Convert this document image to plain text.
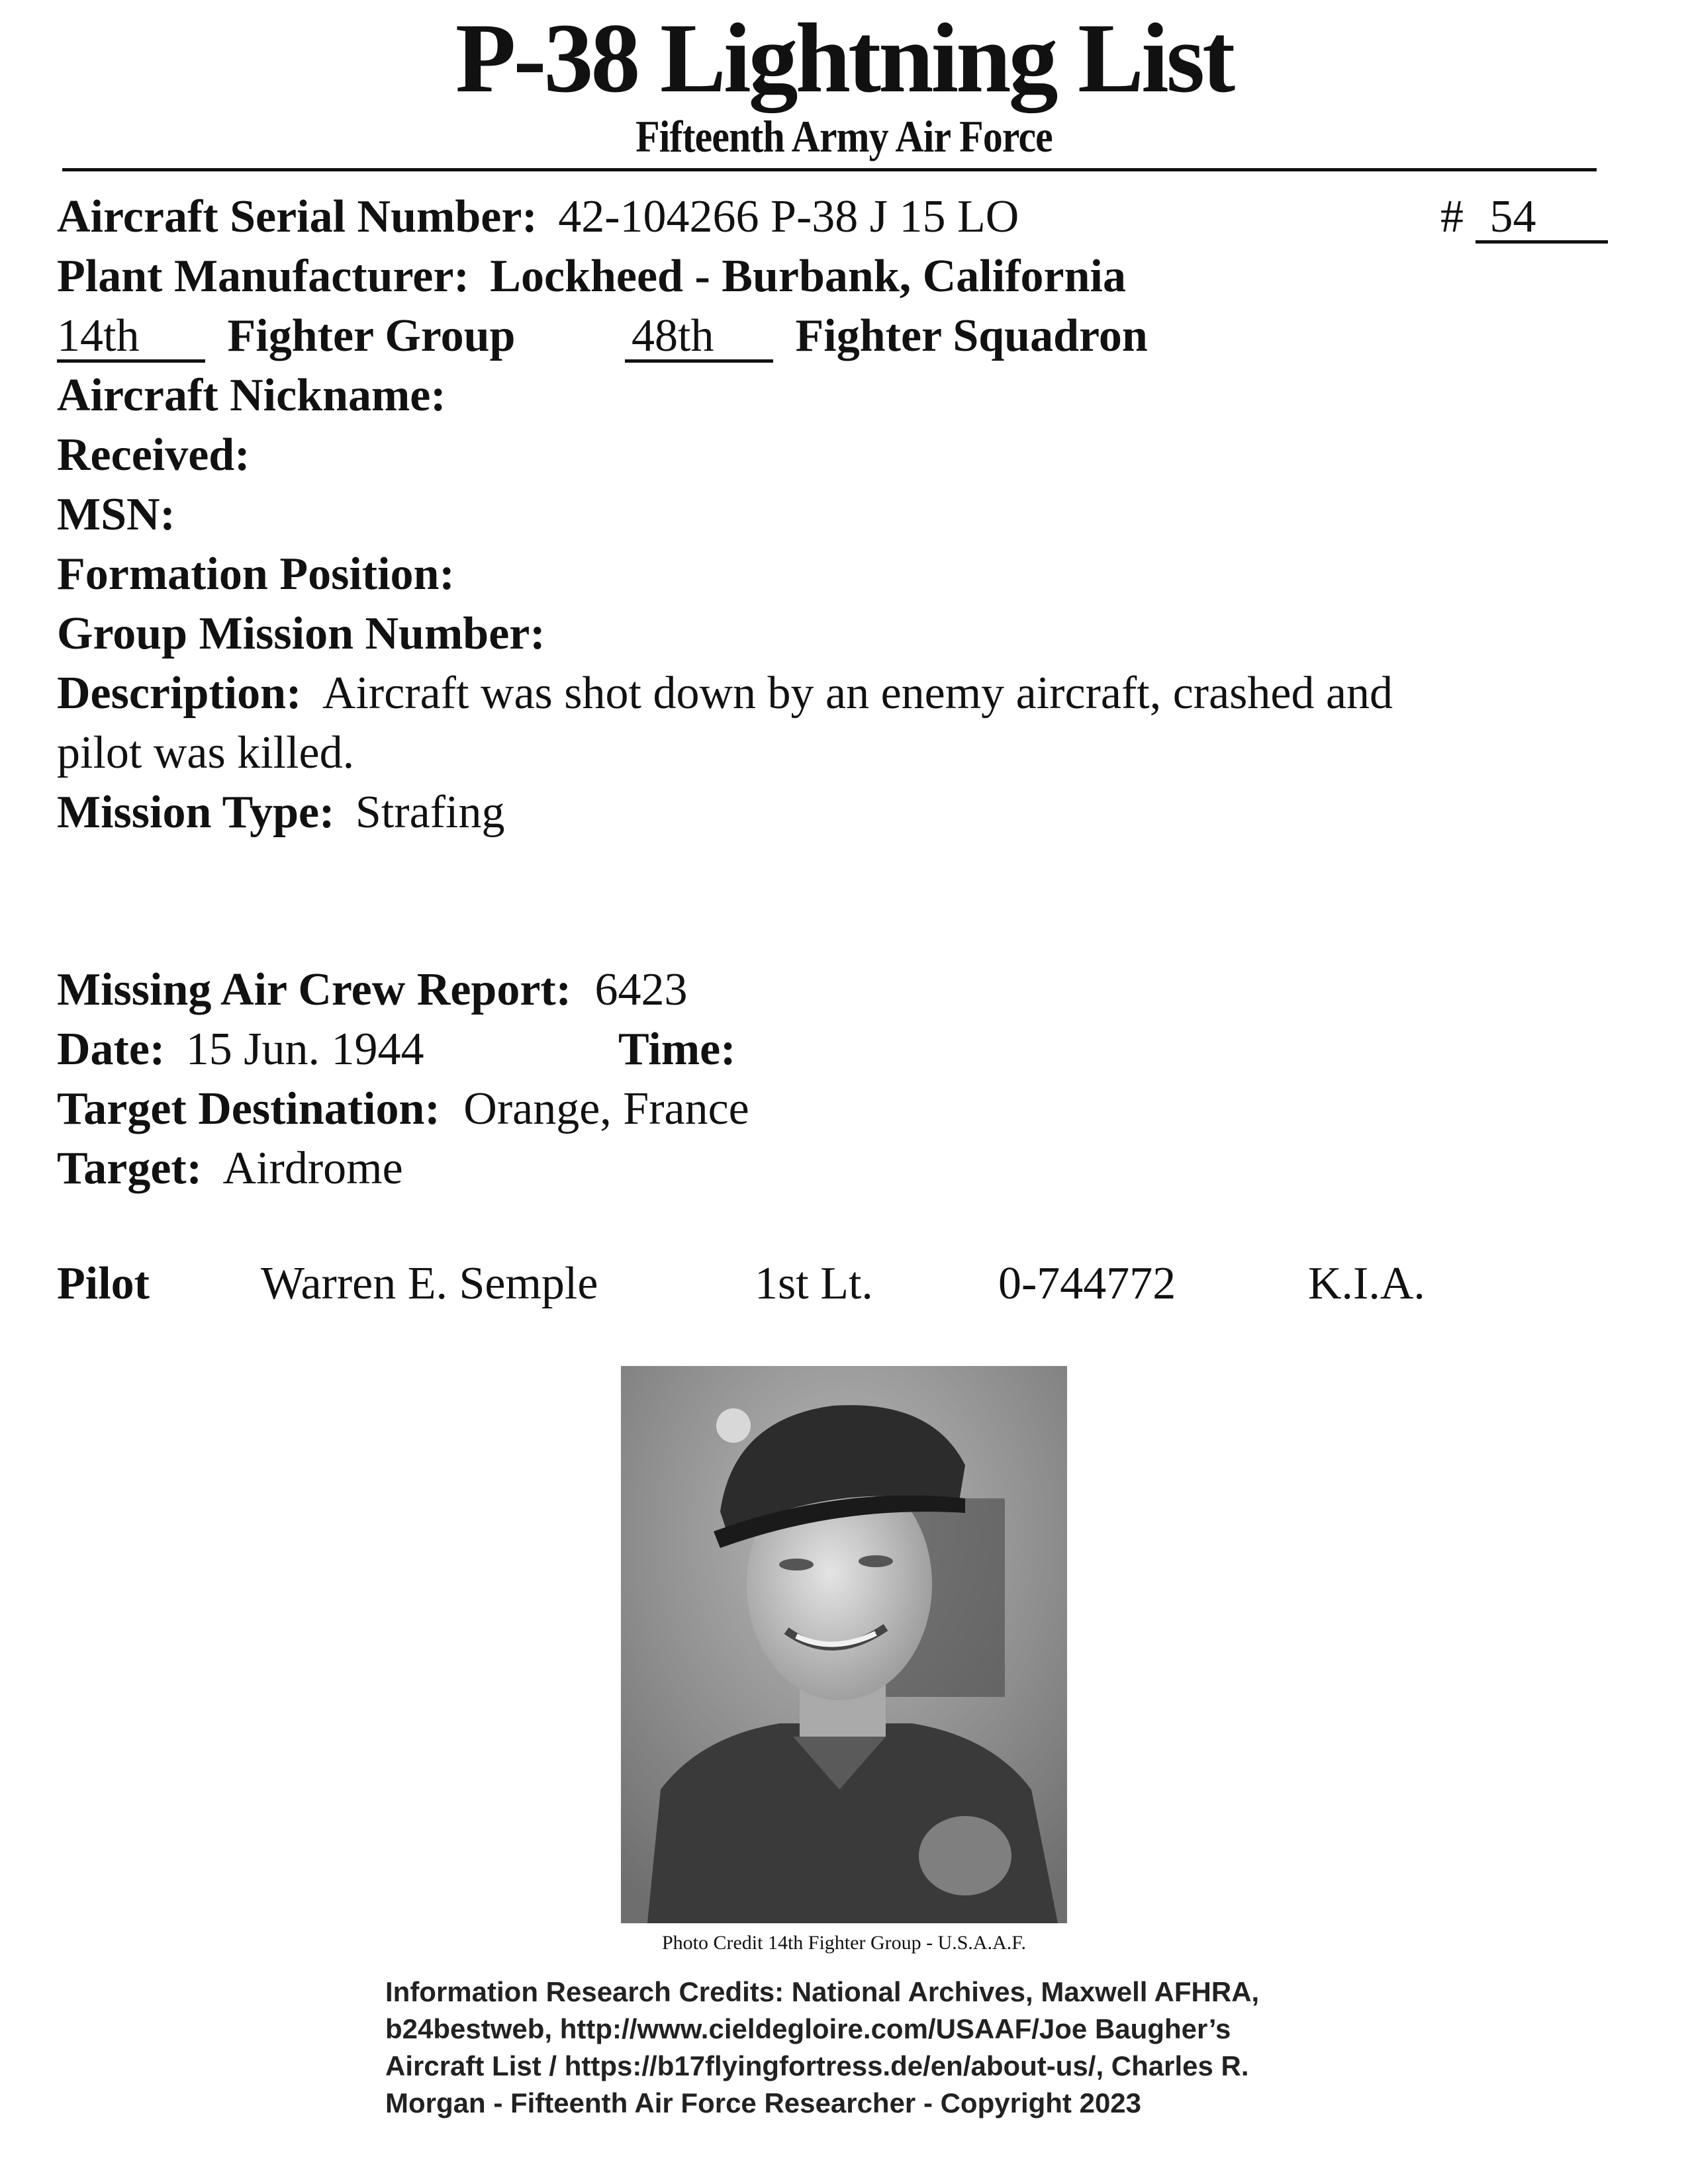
P-38 Lightning List
Fifteenth Army Air Force
Aircraft Serial Number: 42-104266 P-38 J 15 LO	# 54
Plant Manufacturer: Lockheed - Burbank, California
14th Fighter Group	48th Fighter Squadron
Aircraft Nickname:
Received:
MSN:
Formation Position:
Group Mission Number:
Description: Aircraft was shot down by an enemy aircraft, crashed and
pilot was killed.
Mission Type: Strafing
Missing Air Crew Report: 6423
Date: 15 Jun. 1944	Time:
Target Destination: Orange, France
Target: Airdrome
Pilot Warren E. Semple	1st Lt.	0-744772	K.I.A.
Photo Credit 14th Fighter Group - U.S.A.A.F.
Information Research Credits: National Archives, Maxwell AFHRA,
b24bestweb, http://www.cieldegloire.com/USAAF/Joe Baugher’s
Aircraft List / https://b17flyingfortress.de/en/about-us/, Charles R.
Morgan - Fifteenth Air Force Researcher - Copyright 2023
